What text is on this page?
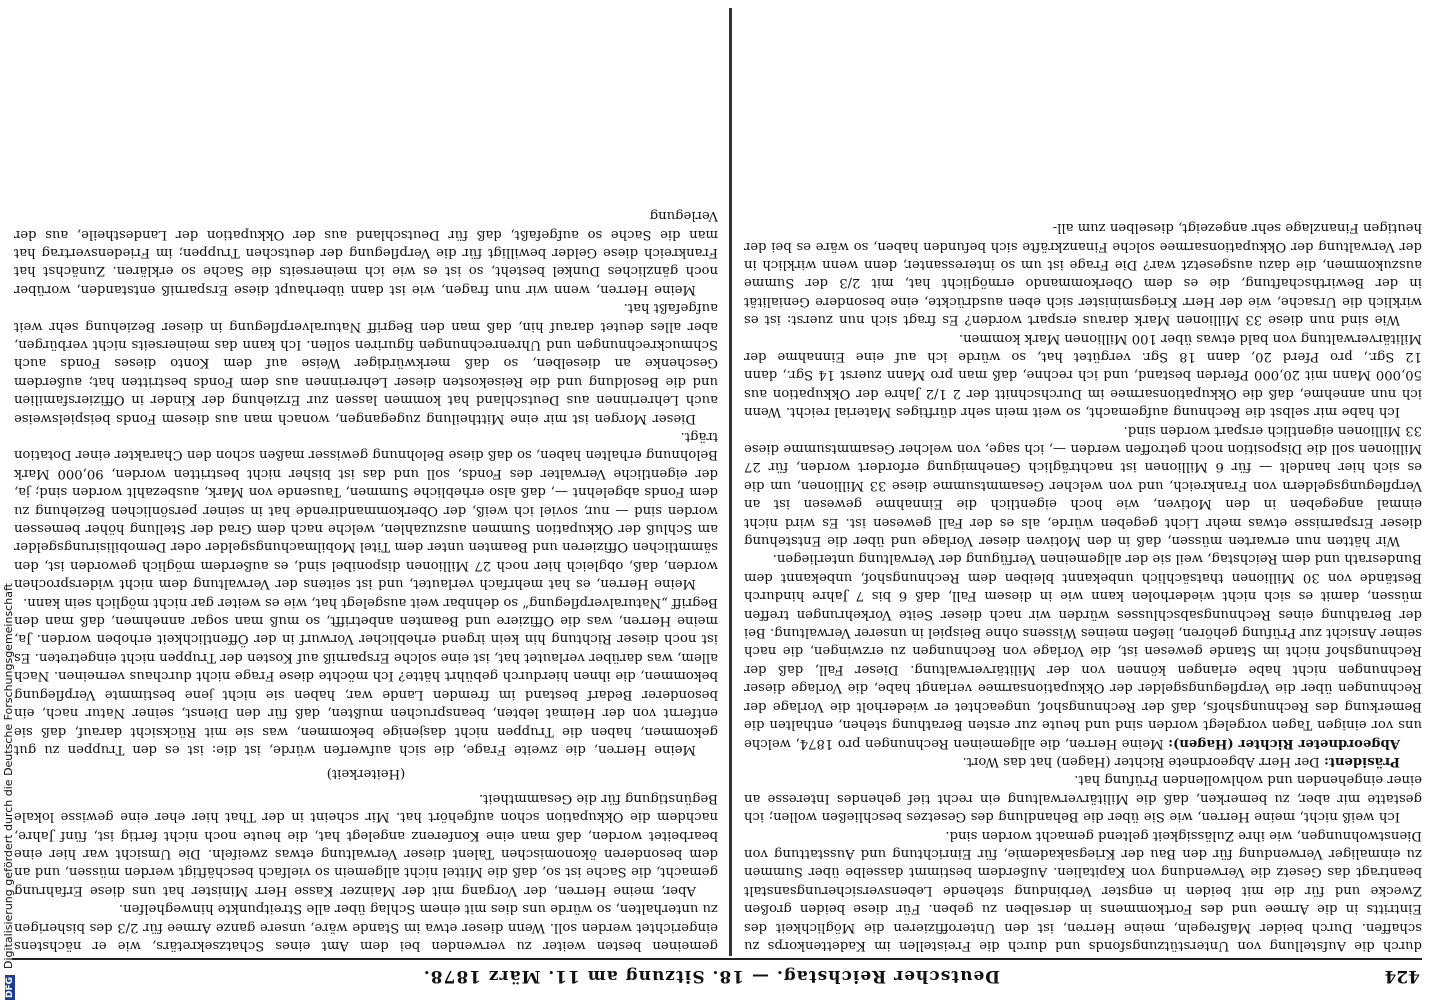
424
Deutscher Reichstag. — 18. Sitzung am 11. März 1878.

durch die Aufstellung von Unterstützungsfonds und durch die Freistellen im Kadettenkorps zu schaffen. Durch beider Maßregeln, meine Herren, ist den Unteroffizieren die Möglichkeit des Eintritts in die Armee und des Fortkommens in derselben zu geben. Für diese beiden großen Zwecke und für die mit beiden in engster Verbindung stehende Lebensversicherungsanstalt beantragt das Gesetz die Verwendung von Kapitalien. Außerdem bestimmt dasselbe über Summen zu einmaliger Verwendung für den Bau der Kriegsakademie, für Einrichtung und Ausstattung von Dienstwohnungen, wie ihre Zulässigkeit geltend gemacht worden sind.

Ich weiß nicht, meine Herren, wie Sie über die Behandlung des Gesetzes beschließen wollen; ich gestatte mir aber, zu bemerken, daß die Militärverwaltung ein recht tief gehendes Interesse an einer eingehenden und wohlwollenden Prüfung hat.

Präsident: Der Herr Abgeordnete Richter (Hagen) hat das Wort.

Abgeordneter Richter (Hagen): Meine Herren, die allgemeinen Rechnungen pro 1874, welche uns vor einigen Tagen vorgelegt worden sind und heute zur ersten Berathung stehen, enthalten die Bemerkung des Rechnungshofs, daß der Rechnungshof, ungeachtet er wiederholt die Vorlage der Rechnungen über die Verpflegungsgelder der Okkupationsarmee verlangt habe, die Vorlage dieser Rechnungen nicht habe erlangen können von der Militärverwaltung. Dieser Fall, daß der Rechnungshof nicht im Stande gewesen ist, die Vorlage von Rechnungen zu erzwingen, die nach seiner Ansicht zur Prüfung gehören, ließen meines Wissens ohne Beispiel in unserer Verwaltung. Bei der Berathung eines Rechnungsabschlusses würden wir nach dieser Seite Vorkehrungen treffen müssen, damit es sich nicht wiederholen kann wie in diesem Fall, daß 6 bis 7 Jahre hindurch Bestände von 30 Millionen thatsächlich unbekannt bleiben dem Rechnungshof, unbekannt dem Bundesrath und dem Reichstag, weil sie der allgemeinen Verfügung der Verwaltung unterliegen.

Wir hätten nun erwarten müssen, daß in den Motiven dieser Vorlage und über die Entstehung dieser Ersparnisse etwas mehr Licht gegeben würde, als es der Fall gewesen ist. Es wird nicht einmal angegeben in den Motiven, wie hoch eigentlich die Einnahme gewesen ist an Verpflegungsgeldern von Frankreich, und von welcher Gesammtsumme diese 33 Millionen, um die es sich hier handelt — für 6 Millionen ist nachträglich Genehmigung erfordert worden, für 27 Millionen soll die Disposition noch getroffen werden —, ich sage, von welcher Gesammtsumme diese 33 Millionen eigentlich erspart worden sind.

Ich habe mir selbst die Rechnung aufgemacht, so weit mein sehr dürftiges Material reicht. Wenn ich nun annehme, daß die Okkupationsarmee im Durchschnitt der 2 1/2 Jahre der Okkupation aus 50,000 Mann mit 20,000 Pferden bestand, und ich rechne, daß man pro Mann zuerst 14 Sgr., dann 12 Sgr., pro Pferd 20, dann 18 Sgr. vergütet hat, so würde ich auf eine Einnahme der Militärverwaltung von bald etwas über 100 Millionen Mark kommen.

Wie sind nun diese 33 Millionen Mark daraus erspart worden? Es fragt sich nun zuerst: ist es wirklich die Ursache, wie der Herr Kriegsminister sich eben ausdrückte, eine besondere Genialität in der Bewirthschaftung, die es dem Oberkommando ermöglicht hat, mit 2/3 der Summe auszukommen, die dazu ausgesetzt war? Die Frage ist um so interessanter, denn wenn wirklich in der Verwaltung der Okkupationsarmee solche Finanzkräfte sich befunden haben, so wäre es bei der heutigen Finanzlage sehr angezeigt, dieselben zum all-

gemeinen besten weiter zu verwenden bei dem Amt eines Schatzsekretärs, wie er nächstens eingerichtet werden soll. Wenn dieser etwa im Stande wäre, unsere ganze Armee für 2/3 des bisherigen zu unterhalten, so würde uns dies mit einem Schlag über alle Streitpunkte hinweghelfen.

Aber, meine Herren, der Vorgang mit der Mainzer Kasse Herr Minister hat uns diese Erfahrung gemacht, die Sache ist so, daß die Mittel nicht allgemein so vielfach beschäftigt werden müssen, und an dem besonderen ökonomischen Talent dieser Verwaltung etwas zweifeln. Die Umsicht war hier eine bearbeitet worden, daß man eine Konferenz angelegt hat, die heute noch nicht fertig ist, fünf Jahre, nachdem die Okkupation schon aufgehört hat. Mir scheint in der That hier eher eine gewisse lokale Begünstigung für die Gesammtheit.

(Heiterkeit)

Meine Herren, die zweite Frage, die sich aufwerfen würde, ist die: ist es den Truppen zu gut gekommen, haben die Truppen nicht dasjenige bekommen, was sie mit Rücksicht darauf, daß sie entfernt von der Heimat lebten, beanspruchen mußten, daß für den Dienst, seiner Natur nach, ein besonderer Bedarf bestand im fremden Lande war, haben sie nicht jene bestimmte Verpflegung bekommen, die ihnen hierdurch gebührt hätte? Ich möchte diese Frage nicht durchaus verneinen. Nach allem, was darüber verlautet hat, ist eine solche Ersparniß auf Kosten der Truppen nicht eingetreten. Es ist noch dieser Richtung hin kein irgend erheblicher Vorwurf in der Öffentlichkeit erhoben worden. Ja, meine Herren, was die Offiziere und Beamten anbetrifft, so muß man sogar annehmen, daß man den Begriff „Naturalverpflegung“ so dehnbar weit ausgelegt hat, wie es weiter gar nicht möglich sein kann.

Meine Herren, es hat mehrfach verlautet, und ist seitens der Verwaltung dem nicht widersprochen worden, daß, obgleich hier noch 27 Millionen disponibel sind, es außerdem möglich geworden ist, den sämmtlichen Offizieren und Beamten unter dem Titel Mobilmachungsgelder oder Demobilisirungsgelder am Schluß der Okkupation Summen auszuzahlen, welche nach dem Grad der Stellung höher bemessen worden sind — nur, soviel ich weiß, der Oberkommandirende hat in seiner persönlichen Beziehung zu dem Fonds abgelehnt —, daß also erhebliche Summen, Tausende von Mark, ausbezahlt worden sind; ja, der eigentliche Verwalter des Fonds, soll und das ist bisher nicht bestritten worden, 90,000 Mark Belohnung erhalten haben, so daß diese Belohnung gewisser maßen schon den Charakter einer Dotation trägt.

Dieser Morgen ist mir eine Mittheilung zugegangen, wonach man aus diesem Fonds beispielsweise auch Lehrerinnen aus Deutschland hat kommen lassen zur Erziehung der Kinder in Offiziersfamilien und die Besoldung und die Reisekosten dieser Lehrerinnen aus dem Fonds bestritten hat; außerdem Geschenke an dieselben, so daß merkwürdiger Weise auf dem Konto dieses Fonds auch Schmuckrechnungen und Uhrenrechnungen figuriren sollen. Ich kann das meinerseits nicht verbürgen, aber alles deutet darauf hin, daß man den Begriff Naturalverpflegung in dieser Beziehung sehr weit aufgefaßt hat.

Meine Herren, wenn wir nun fragen, wie ist dann überhaupt diese Ersparniß entstanden, worüber noch gänzliches Dunkel besteht, so ist es wie ich meinerseits die Sache so erklären. Zunächst hat Frankreich diese Gelder bewilligt für die Verpflegung der deutschen Truppen; im Friedensvertrag hat man die Sache so aufgefaßt, daß für Deutschland aus der Okkupation der Landestheile, aus der Verlegung

DFGDigitalisierung gefördert durch die Deutsche Forschungsgemeinschaft
